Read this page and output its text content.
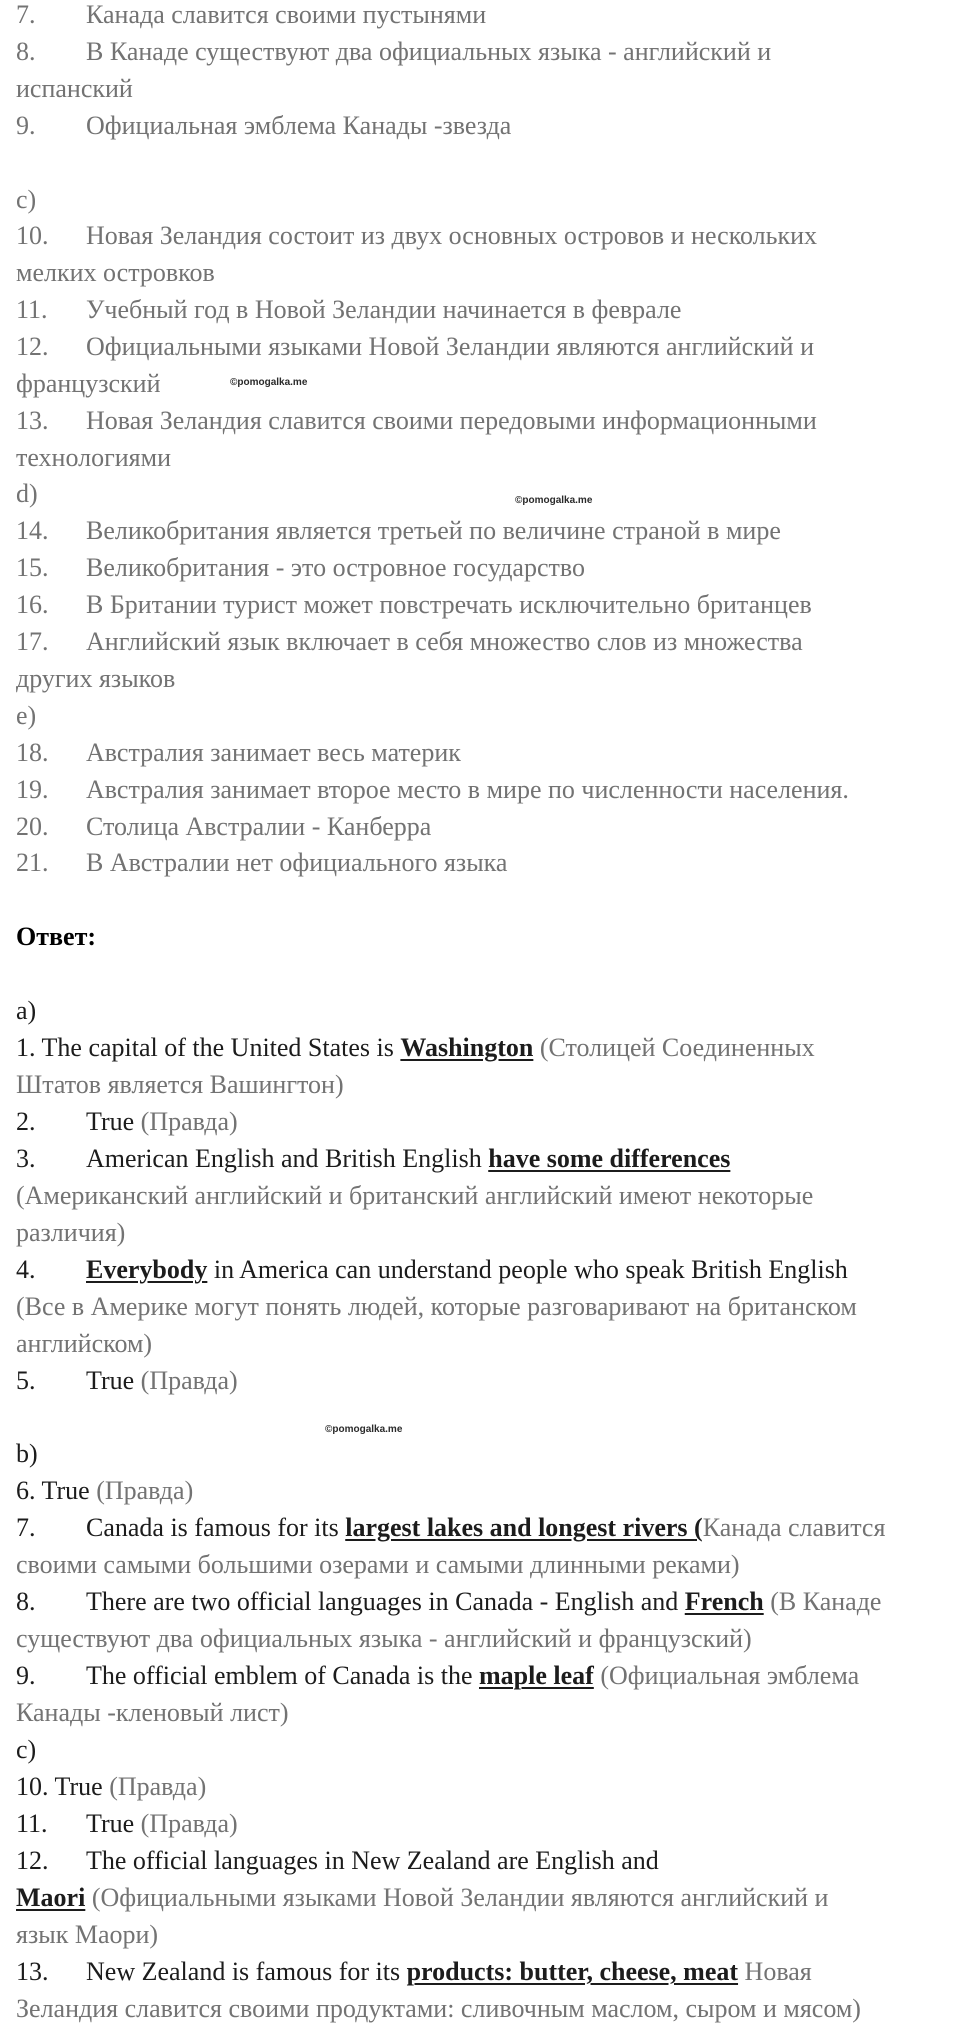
7. Канада славится своими пустынями
8. В Канаде существуют два официальных языка - английский и
испанский
9. Официальная эмблема Канады -звезда
c)
10. Новая Зеландия состоит из двух основных островов и нескольких
мелких островков
11. Учебный год в Новой Зеландии начинается в феврале
12. Официальными языками Новой Зеландии являются английский и
французский
13. Новая Зеландия славится своими передовыми информационными
технологиями
d)
14. Великобритания является третьей по величине страной в мире
15. Великобритания - это островное государство
16. В Британии турист может повстречать исключительно британцев
17. Английский язык включает в себя множество слов из множества
других языков
e)
18. Австралия занимает весь материк
19. Австралия занимает второе место в мире по численности населения.
20. Столица Австралии - Канберра
21. В Австралии нет официального языка
Ответ:
a)
1. The capital of the United States is Washington (Столицей Соединенных
Штатов является Вашингтон)
2. True (Правда)
3. American English and British English have some differences
(Американский английский и британский английский имеют некоторые
различия)
4. Everybody in America can understand people who speak British English
(Все в Америке могут понять людей, которые разговаривают на британском
английском)
5. True (Правда)
b)
6. True (Правда)
7. Canada is famous for its largest lakes and longest rivers (Канада славится
своими самыми большими озерами и самыми длинными реками)
8. There are two official languages in Canada - English and French (В Канаде
существуют два официальных языка - английский и французский)
9. The official emblem of Canada is the maple leaf (Официальная эмблема
Канады -кленовый лист)
c)
10. True (Правда)
11. True (Правда)
12. The official languages in New Zealand are English and
Maori (Официальными языками Новой Зеландии являются английский и
язык Маори)
13. New Zealand is famous for its products: butter, cheese, meat Новая
Зеландия славится своими продуктами: сливочным маслом, сыром и мясом)
©pomogalka.me
©pomogalka.me
©pomogalka.me
